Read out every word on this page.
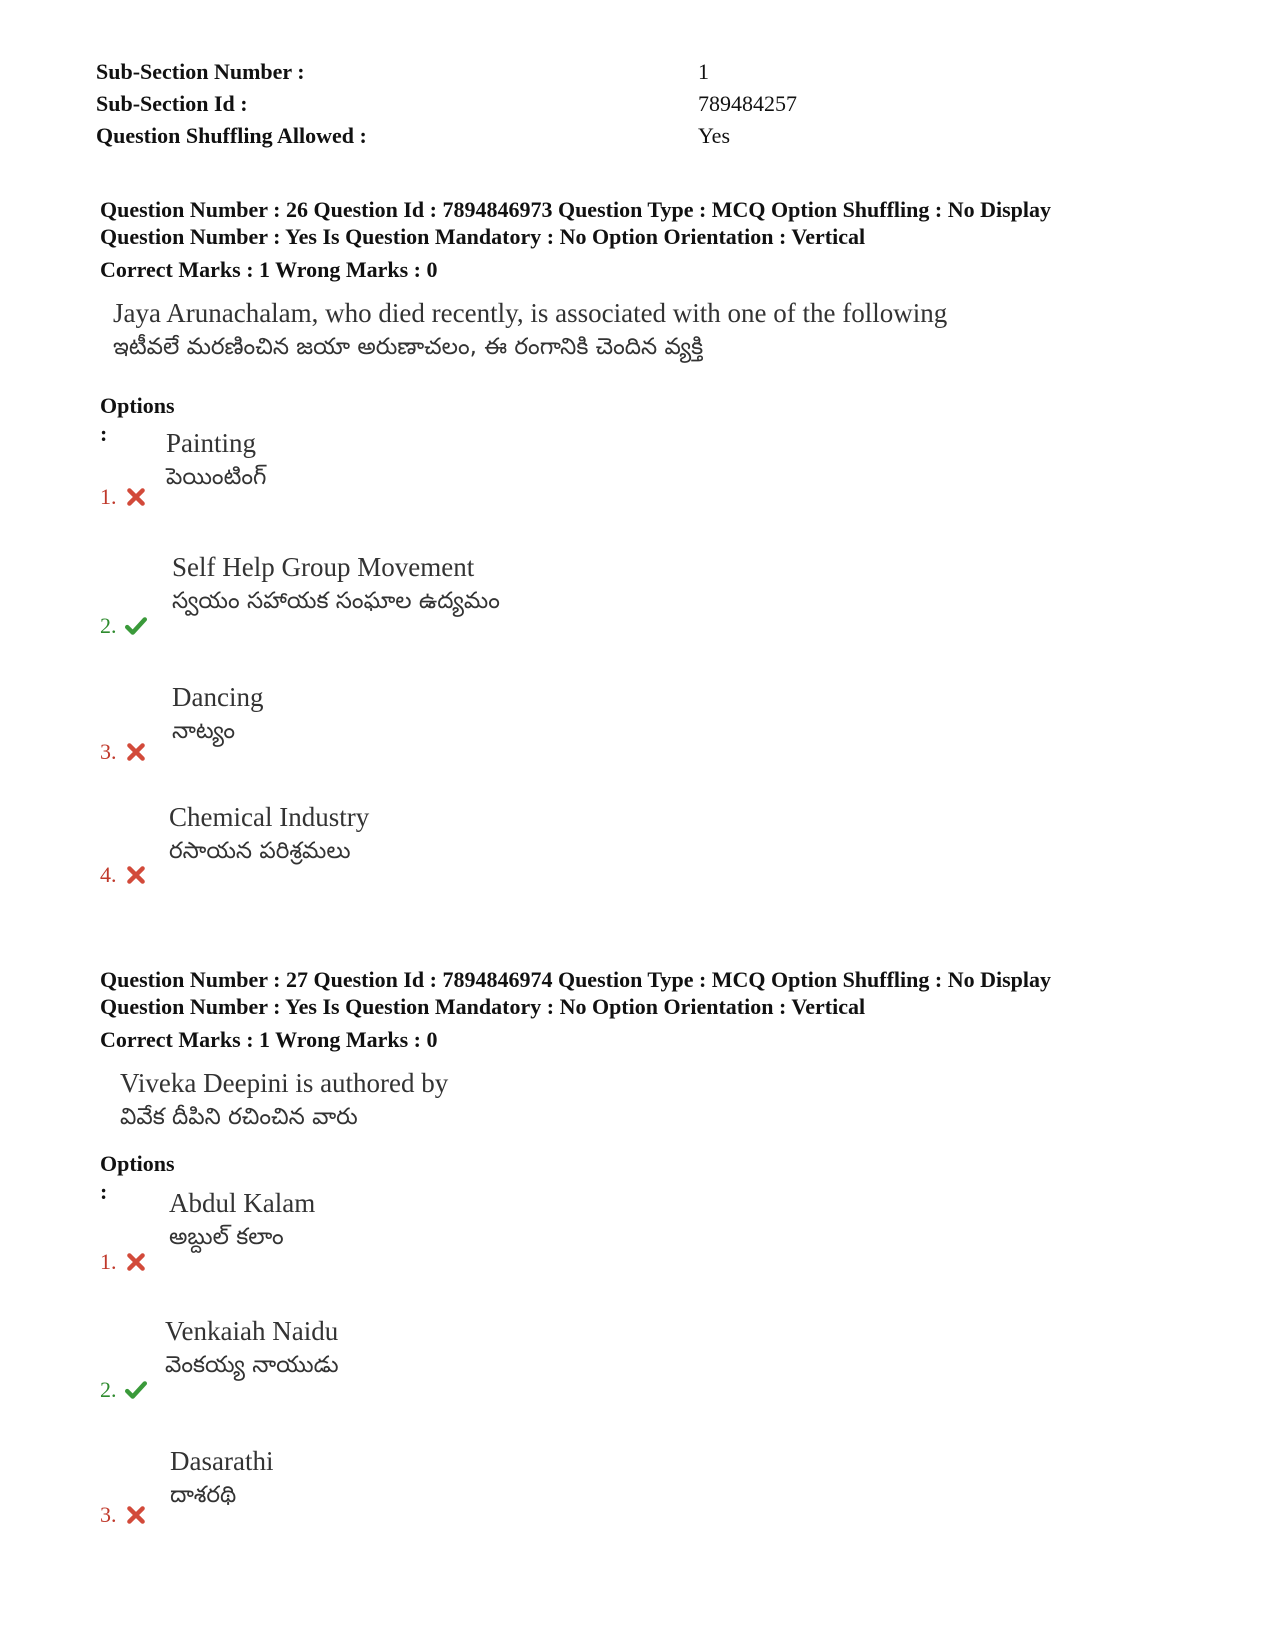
Sub-Section Number :	1
Sub-Section Id :	789484257
Question Shuffling Allowed :	Yes
Question Number : 26 Question Id : 7894846973 Question Type : MCQ Option Shuffling : No Display
Question Number : Yes Is Question Mandatory : No Option Orientation : Vertical
Correct Marks : 1 Wrong Marks : 0
Jaya Arunachalam, who died recently, is associated with one of the following
ఇటీవలే మరణించిన జయా అరుణాచలం, ఈ రంగానికి చెందిన వ్యక్తి
Options :	Painting
పెయింటింగ్
1.
Self Help Group Movement
స్వయం సహాయక సంఘాల ఉద్యమం
2.
Dancing
నాట్యం
3.
Chemical Industry
రసాయన పరిశ్రమలు
4.
Question Number : 27 Question Id : 7894846974 Question Type : MCQ Option Shuffling : No Display
Question Number : Yes Is Question Mandatory : No Option Orientation : Vertical
Correct Marks : 1 Wrong Marks : 0
Viveka Deepini is authored by
వివేక దీపిని రచించిన వారు
Options :	Abdul Kalam
అబ్దుల్ కలాం
1.
Venkaiah Naidu
వెంకయ్య నాయుడు
2.
Dasarathi
దాశరథి
3.
